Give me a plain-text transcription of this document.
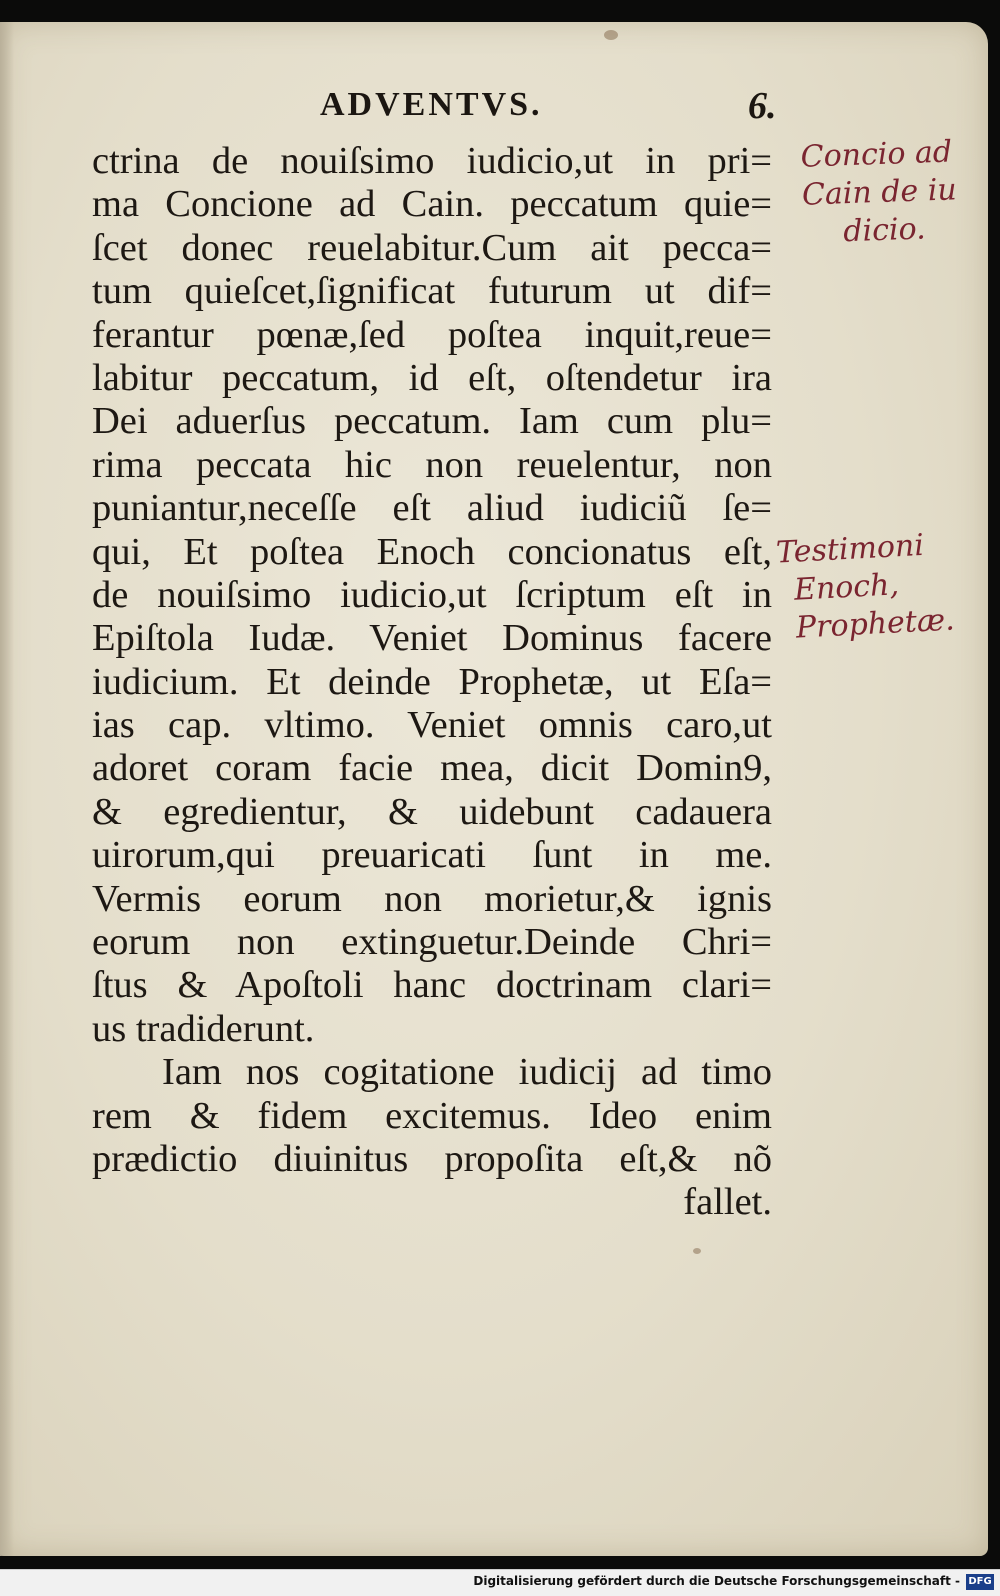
ADVENTVS.	6.
ctrina de nouiſsimo iudicio,ut in pri=
ma Concione ad Cain. peccatum quie=
ſcet donec reuelabitur.Cum ait pecca=
tum quieſcet,ſignificat futurum ut dif=
ferantur pœnæ,ſed poſtea inquit,reue=
labitur peccatum, id eſt, oſtendetur ira
Dei aduerſus peccatum. Iam cum plu=
rima peccata hic non reuelentur, non
puniantur,neceſſe eſt aliud iudiciũ ſe=
qui, Et poſtea Enoch concionatus eſt,
de nouiſsimo iudicio,ut ſcriptum eſt in
Epiſtola Iudæ. Veniet Dominus facere
iudicium. Et deinde Prophetæ, ut Eſa=
ias cap. vltimo. Veniet omnis caro,ut
adoret coram facie mea, dicit Domin9,
& egredientur, & uidebunt cadauera
uirorum,qui preuaricati ſunt in me.
Vermis eorum non morietur,& ignis
eorum non extinguetur.Deinde Chri=
ſtus & Apoſtoli hanc doctrinam clari=
us tradiderunt.
Iam nos cogitatione iudicij ad timo
rem & fidem excitemus. Ideo enim
prædictio diuinitus propoſita eſt,& nõ
fallet.
Concio ad
Cain de iu
dicio.
Testimoni
Enoch,
Prophetæ.
Digitalisierung gefördert durch die Deutsche Forschungsgemeinschaft - DFG
